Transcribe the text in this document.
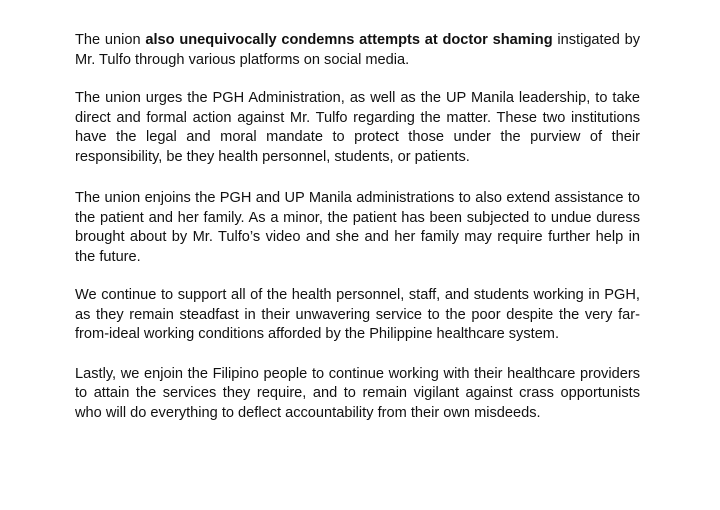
The union also unequivocally condemns attempts at doctor shaming instigated by Mr. Tulfo through various platforms on social media.

The union urges the PGH Administration, as well as the UP Manila leadership, to take direct and formal action against Mr. Tulfo regarding the matter. These two institutions have the legal and moral mandate to protect those under the purview of their responsibility, be they health personnel, students, or patients.

The union enjoins the PGH and UP Manila administrations to also extend assistance to the patient and her family. As a minor, the patient has been subjected to undue duress brought about by Mr. Tulfo’s video and she and her family may require further help in the future.

We continue to support all of the health personnel, staff, and students working in PGH, as they remain steadfast in their unwavering service to the poor despite the very far-from-ideal working conditions afforded by the Philippine healthcare system.

Lastly, we enjoin the Filipino people to continue working with their healthcare providers to attain the services they require, and to remain vigilant against crass opportunists who will do everything to deflect accountability from their own misdeeds.
